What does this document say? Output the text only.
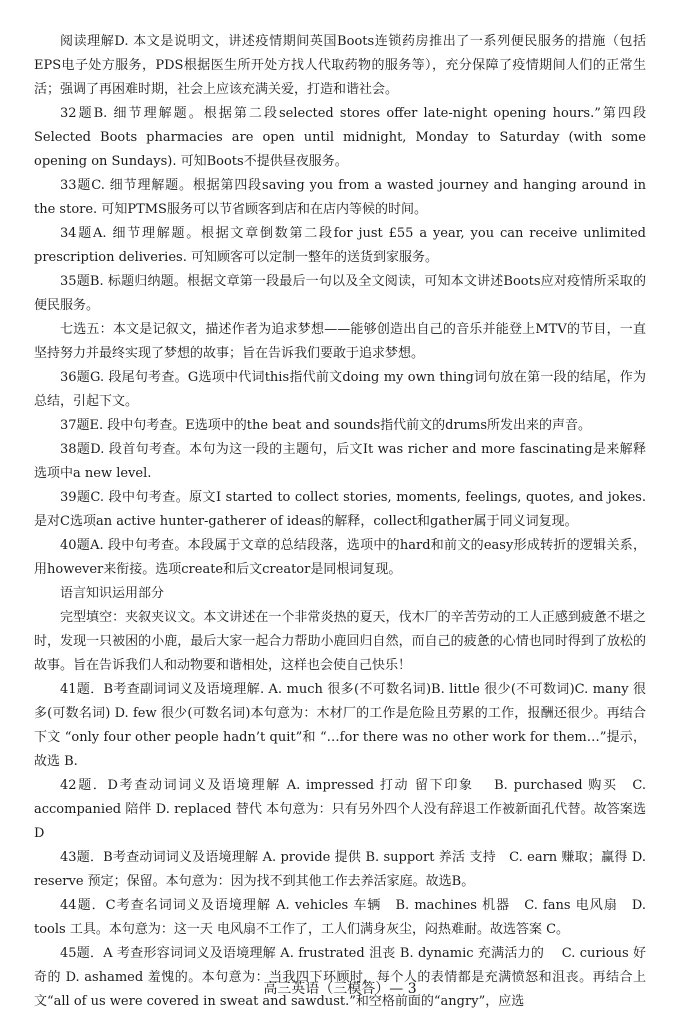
阅读理解D. 本文是说明文，讲述疫情期间英国Boots连锁药房推出了一系列便民服务的措施（包括EPS电子处方服务，PDS根据医生所开处方找人代取药物的服务等），充分保障了疫情期间人们的正常生活；强调了再困难时期，社会上应该充满关爱，打造和谐社会。

32题B. 细节理解题。根据第二段selected stores offer late-night opening hours.”第四段Selected Boots pharmacies are open until midnight, Monday to Saturday (with some opening on Sundays). 可知Boots不提供昼夜服务。

33题C. 细节理解题。根据第四段saving you from a wasted journey and hanging around in the store. 可知PTMS服务可以节省顾客到店和在店内等候的时间。

34题A. 细节理解题。根据文章倒数第二段for just £55 a year, you can receive unlimited prescription deliveries. 可知顾客可以定制一整年的送货到家服务。

35题B. 标题归纳题。根据文章第一段最后一句以及全文阅读，可知本文讲述Boots应对疫情所采取的便民服务。

七选五：本文是记叙文，描述作者为追求梦想——能够创造出自己的音乐并能登上MTV的节目，一直坚持努力并最终实现了梦想的故事；旨在告诉我们要敢于追求梦想。

36题G. 段尾句考查。G选项中代词this指代前文doing my own thing词句放在第一段的结尾，作为总结，引起下文。

37题E. 段中句考查。E选项中的the beat and sounds指代前文的drums所发出来的声音。

38题D. 段首句考查。本句为这一段的主题句，后文It was richer and more fascinating是来解释选项中a new level.

39题C. 段中句考查。原文I started to collect stories, moments, feelings, quotes, and jokes. 是对C选项an active hunter-gatherer of ideas的解释，collect和gather属于同义词复现。

40题A. 段中句考查。本段属于文章的总结段落，选项中的hard和前文的easy形成转折的逻辑关系，用however来衔接。选项create和后文creator是同根词复现。

语言知识运用部分

完型填空：夹叙夹议文。本文讲述在一个非常炎热的夏天，伐木厂的辛苦劳动的工人正感到疲惫不堪之时，发现一只被困的小鹿，最后大家一起合力帮助小鹿回归自然，而自己的疲惫的心情也同时得到了放松的故事。旨在告诉我们人和动物要和谐相处，这样也会使自己快乐！

41题．B考查副词词义及语境理解. A. much 很多(不可数名词)B. little 很少(不可数词)C. many 很多(可数名词) D. few 很少(可数名词)本句意为：木材厂的工作是危险且劳累的工作，报酬还很少。再结合 下文 “only four other people hadn’t quit”和 “…for there was no other work for them…”提示，故选 B.

42题．D考查动词词义及语境理解 A. impressed 打动 留下印象　 B. purchased 购买　C. accompanied 陪伴 D. replaced 替代 本句意为：只有另外四个人没有辞退工作被新面孔代替。故答案选 D

43题．B考查动词词义及语境理解 A. provide 提供 B. support 养活 支持　C. earn 赚取；赢得 D. reserve 预定；保留。本句意为：因为找不到其他工作去养活家庭。故选B。

44题．C考查名词词义及语境理解 A. vehicles 车辆　B. machines 机器　C. fans 电风扇　D. tools 工具。本句意为：这一天 电风扇不工作了，工人们满身灰尘，闷热难耐。故选答案 C。

45题．A 考查形容词词义及语境理解 A. frustrated 沮丧 B. dynamic 充满活力的　 C. curious 好奇的 D. ashamed 羞愧的。本句意为：当我四下环顾时，每个人的表情都是充满愤怒和沮丧。再结合上文“all of us were covered in sweat and sawdust.”和空格前面的“angry”，应选

高三英语（三模答）— 3
